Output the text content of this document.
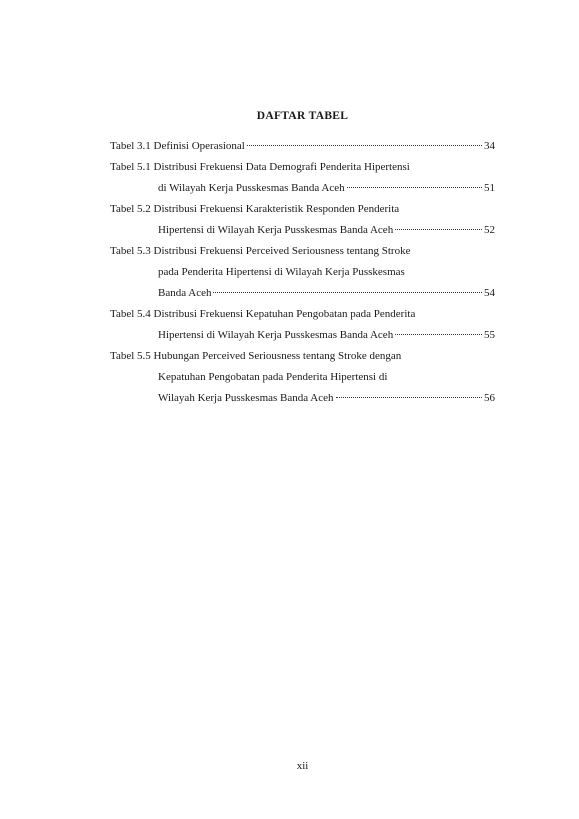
DAFTAR TABEL
Tabel 3.1 Definisi Operasional	34
Tabel 5.1 Distribusi Frekuensi Data Demografi Penderita Hipertensi
di Wilayah Kerja Pusskesmas Banda Aceh	51
Tabel 5.2 Distribusi Frekuensi Karakteristik Responden Penderita
Hipertensi di Wilayah Kerja Pusskesmas Banda Aceh	52
Tabel 5.3 Distribusi Frekuensi Perceived Seriousness tentang Stroke
pada Penderita Hipertensi di Wilayah Kerja Pusskesmas
Banda Aceh	54
Tabel 5.4 Distribusi Frekuensi Kepatuhan Pengobatan pada Penderita
Hipertensi di Wilayah Kerja Pusskesmas Banda Aceh	55
Tabel 5.5 Hubungan Perceived Seriousness tentang Stroke dengan
Kepatuhan Pengobatan pada Penderita Hipertensi di
Wilayah Kerja Pusskesmas Banda Aceh	56
xii
